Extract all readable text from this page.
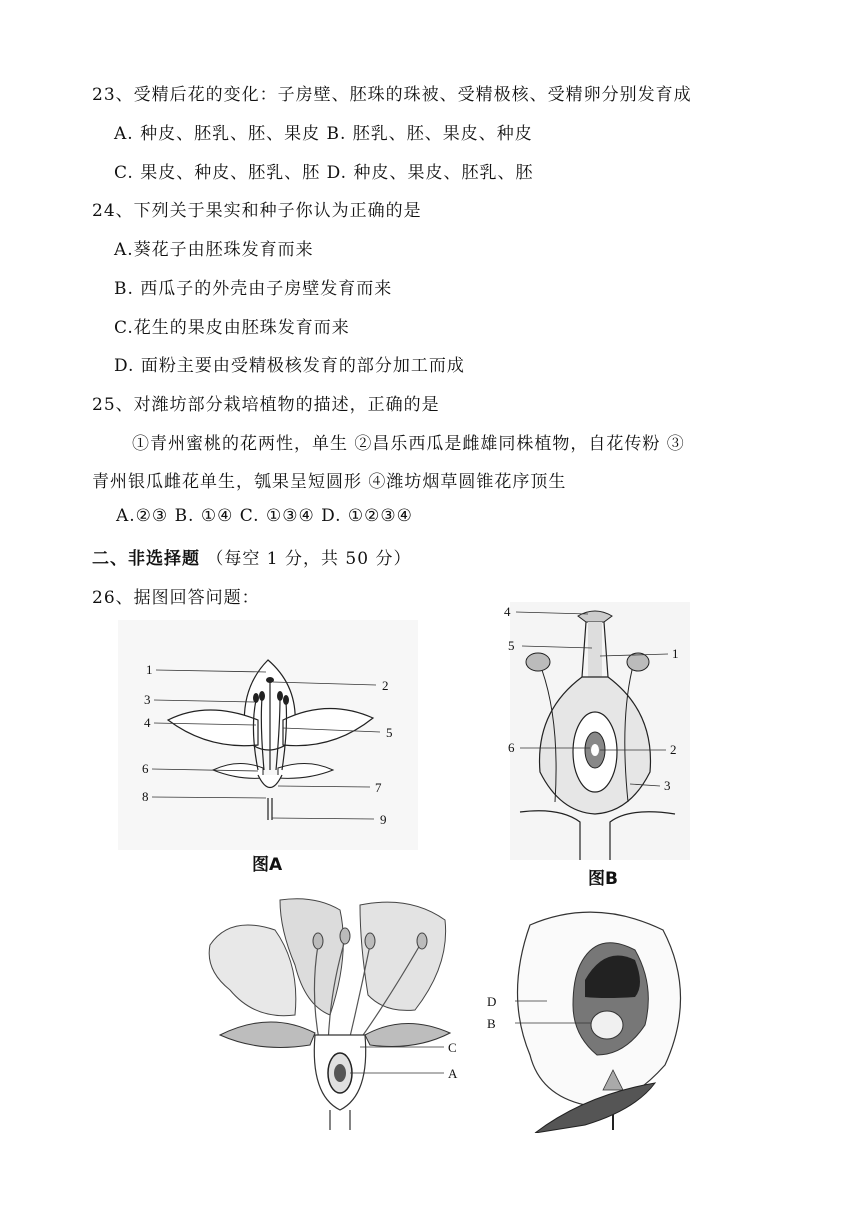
23、受精后花的变化：子房壁、胚珠的珠被、受精极核、受精卵分别发育成
A. 种皮、胚乳、胚、果皮 B. 胚乳、胚、果皮、种皮
C. 果皮、种皮、胚乳、胚 D. 种皮、果皮、胚乳、胚
24、下列关于果实和种子你认为正确的是
A.葵花子由胚珠发育而来
B. 西瓜子的外壳由子房壁发育而来
C.花生的果皮由胚珠发育而来
D. 面粉主要由受精极核发育的部分加工而成
25、对潍坊部分栽培植物的描述，正确的是
①青州蜜桃的花两性，单生 ②昌乐西瓜是雌雄同株植物，自花传粉 ③
青州银瓜雌花单生，瓠果呈短圆形 ④潍坊烟草圆锥花序顶生
A.②③ B. ①④ C. ①③④ D. ①②③④
二、非选择题 （每空 1 分，共 50 分）
26、据图回答问题：
1
2
3
4
5
6
7
8
9
图A
4
5
1
6	2
3
图B
C
A
D
B
